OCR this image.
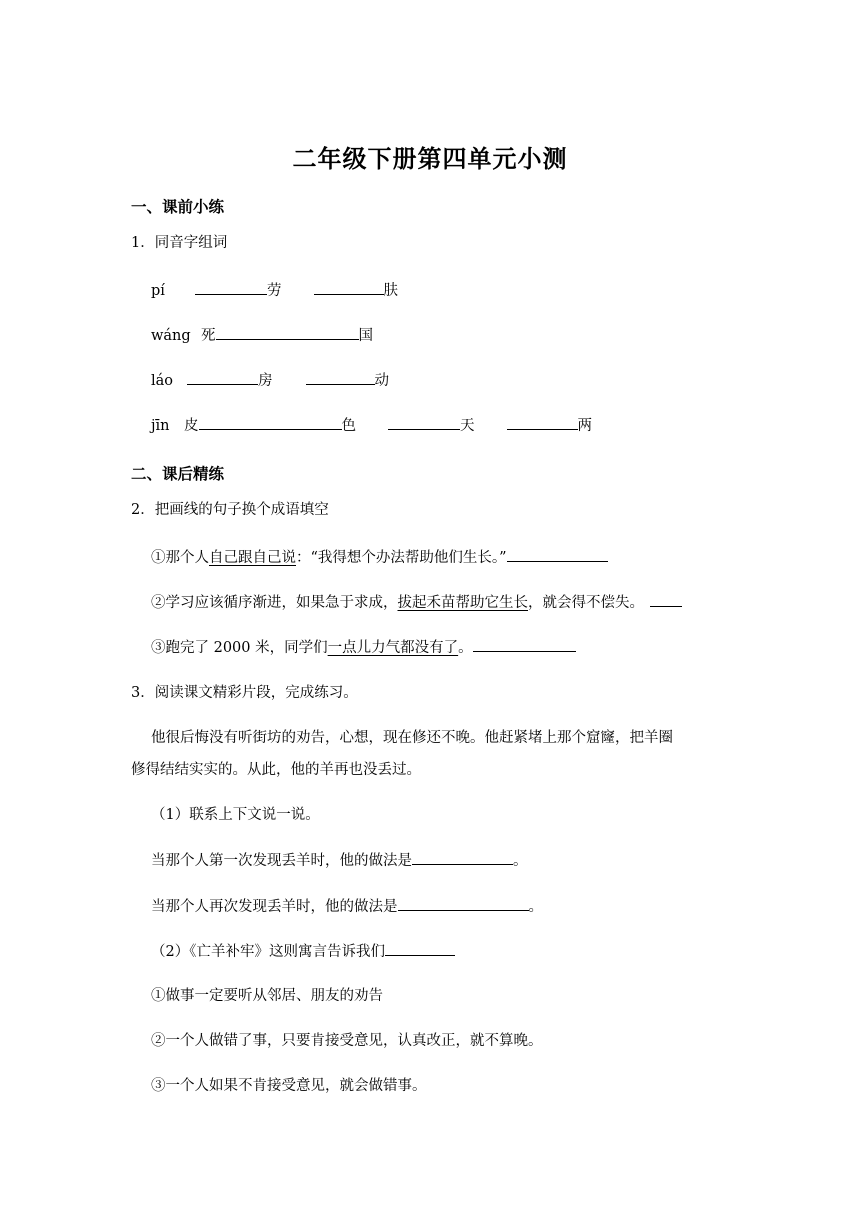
二年级下册第四单元小测
一、课前小练
1．同音字组词
pí	劳	肤
wáng 死	国
láo	房	动
jīn 皮	色	天	两
二、课后精练
2．把画线的句子换个成语填空
①那个人自己跟自己说：“我得想个办法帮助他们生长。”
②学习应该循序渐进，如果急于求成，拔起禾苗帮助它生长，就会得不偿失。
③跑完了 2000 米，同学们一点儿力气都没有了。
3．阅读课文精彩片段，完成练习。
他很后悔没有听街坊的劝告，心想，现在修还不晚。他赶紧堵上那个窟窿，把羊圈
修得结结实实的。从此，他的羊再也没丢过。
（1）联系上下文说一说。
当那个人第一次发现丢羊时，他的做法是	。
当那个人再次发现丢羊时，他的做法是	。
（2）《亡羊补牢》这则寓言告诉我们
①做事一定要听从邻居、朋友的劝告
②一个人做错了事，只要肯接受意见，认真改正，就不算晚。
③一个人如果不肯接受意见，就会做错事。
